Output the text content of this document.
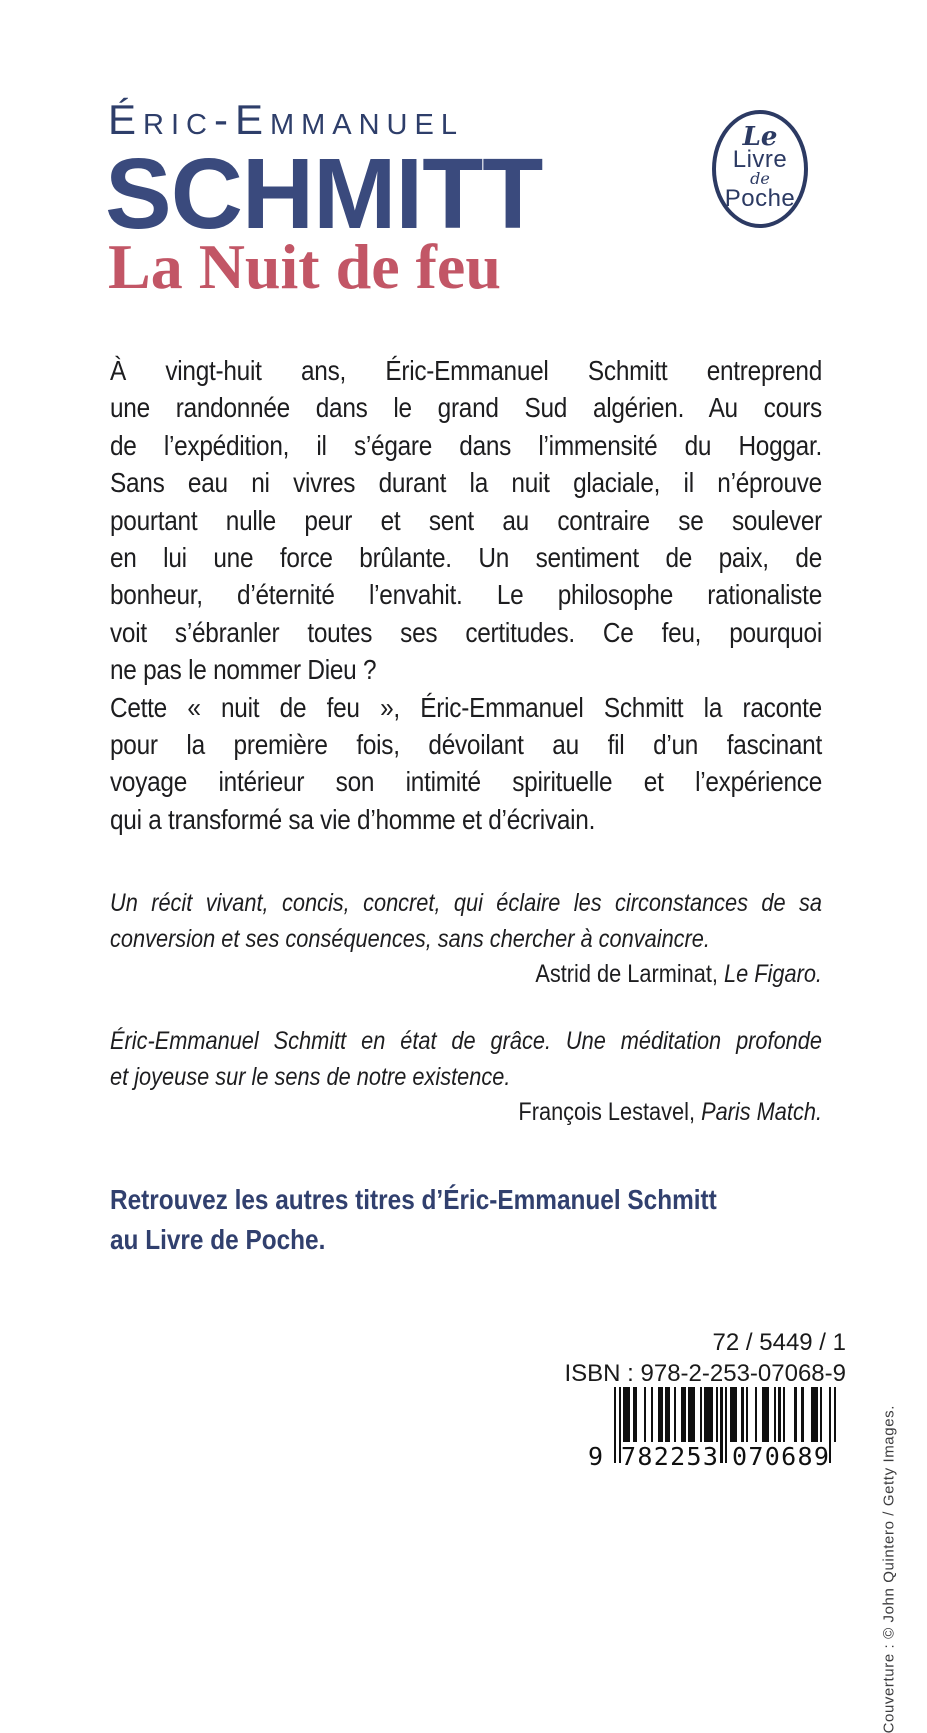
Éric-Emmanuel
SCHMITT
La Nuit de feu
Le
Livre
de
Poche
À vingt-huit ans, Éric-Emmanuel Schmitt entreprend
une randonnée dans le grand Sud algérien. Au cours
de l’expédition, il s’égare dans l’immensité du Hoggar.
Sans eau ni vivres durant la nuit glaciale, il n’éprouve
pourtant nulle peur et sent au contraire se soulever
en lui une force brûlante. Un sentiment de paix, de
bonheur, d’éternité l’envahit. Le philosophe rationaliste
voit s’ébranler toutes ses certitudes. Ce feu, pourquoi
ne pas le nommer Dieu ?
Cette « nuit de feu », Éric-Emmanuel Schmitt la raconte
pour la première fois, dévoilant au fil d’un fascinant
voyage intérieur son intimité spirituelle et l’expérience
qui a transformé sa vie d’homme et d’écrivain.
Un récit vivant, concis, concret, qui éclaire les circonstances de sa
conversion et ses conséquences, sans chercher à convaincre.
Astrid de Larminat, Le Figaro.
Éric-Emmanuel Schmitt en état de grâce. Une méditation profonde
et joyeuse sur le sens de notre existence.
François Lestavel, Paris Match.
Retrouvez les autres titres d’Éric-Emmanuel Schmitt
au Livre de Poche.
72 / 5449 / 1
ISBN : 978-2-253-07068-9
9 7 8 2 2 5 3 0 7 0 6 8 9	Couverture : © John Quintero / Getty Images.
